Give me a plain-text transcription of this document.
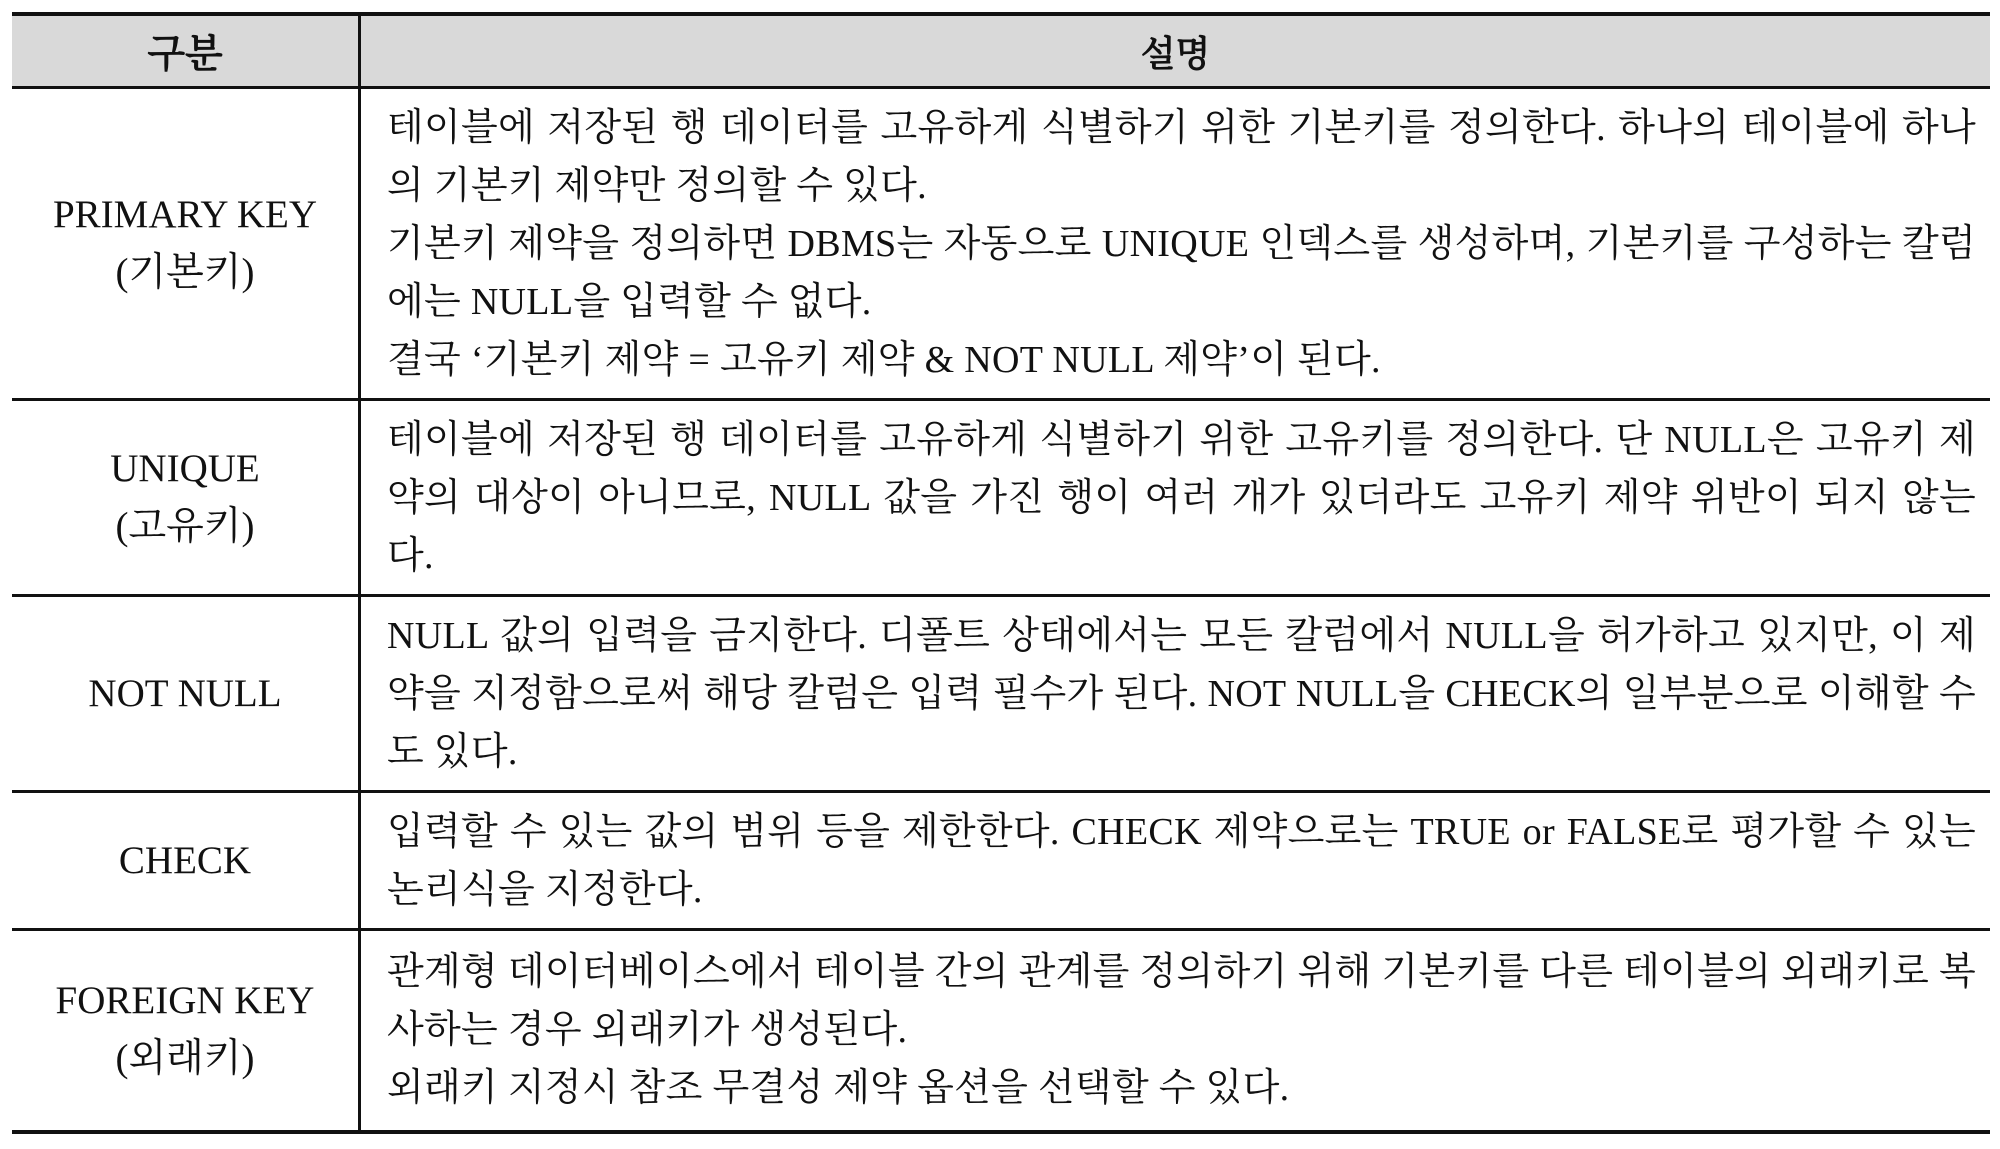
구분	설명

PRIMARY KEY
(기본키)	테이블에 저장된 행 데이터를 고유하게 식별하기 위한 기본키를 정의한다. 하나의 테이블에 하나의 기본키 제약만 정의할 수 있다.
기본키 제약을 정의하면 DBMS는 자동으로 UNIQUE 인덱스를 생성하며, 기본키를 구성하는 칼럼에는 NULL을 입력할 수 없다.
결국 ‘기본키 제약 = 고유키 제약 & NOT NULL 제약’이 된다.

UNIQUE
(고유키)	테이블에 저장된 행 데이터를 고유하게 식별하기 위한 고유키를 정의한다. 단 NULL은 고유키 제약의 대상이 아니므로, NULL 값을 가진 행이 여러 개가 있더라도 고유키 제약 위반이 되지 않는다.

NOT NULL	NULL 값의 입력을 금지한다. 디폴트 상태에서는 모든 칼럼에서 NULL을 허가하고 있지만, 이 제약을 지정함으로써 해당 칼럼은 입력 필수가 된다. NOT NULL을 CHECK의 일부분으로 이해할 수도 있다.

CHECK	입력할 수 있는 값의 범위 등을 제한한다. CHECK 제약으로는 TRUE or FALSE로 평가할 수 있는 논리식을 지정한다.

FOREIGN KEY
(외래키)	관계형 데이터베이스에서 테이블 간의 관계를 정의하기 위해 기본키를 다른 테이블의 외래키로 복사하는 경우 외래키가 생성된다.
외래키 지정시 참조 무결성 제약 옵션을 선택할 수 있다.
